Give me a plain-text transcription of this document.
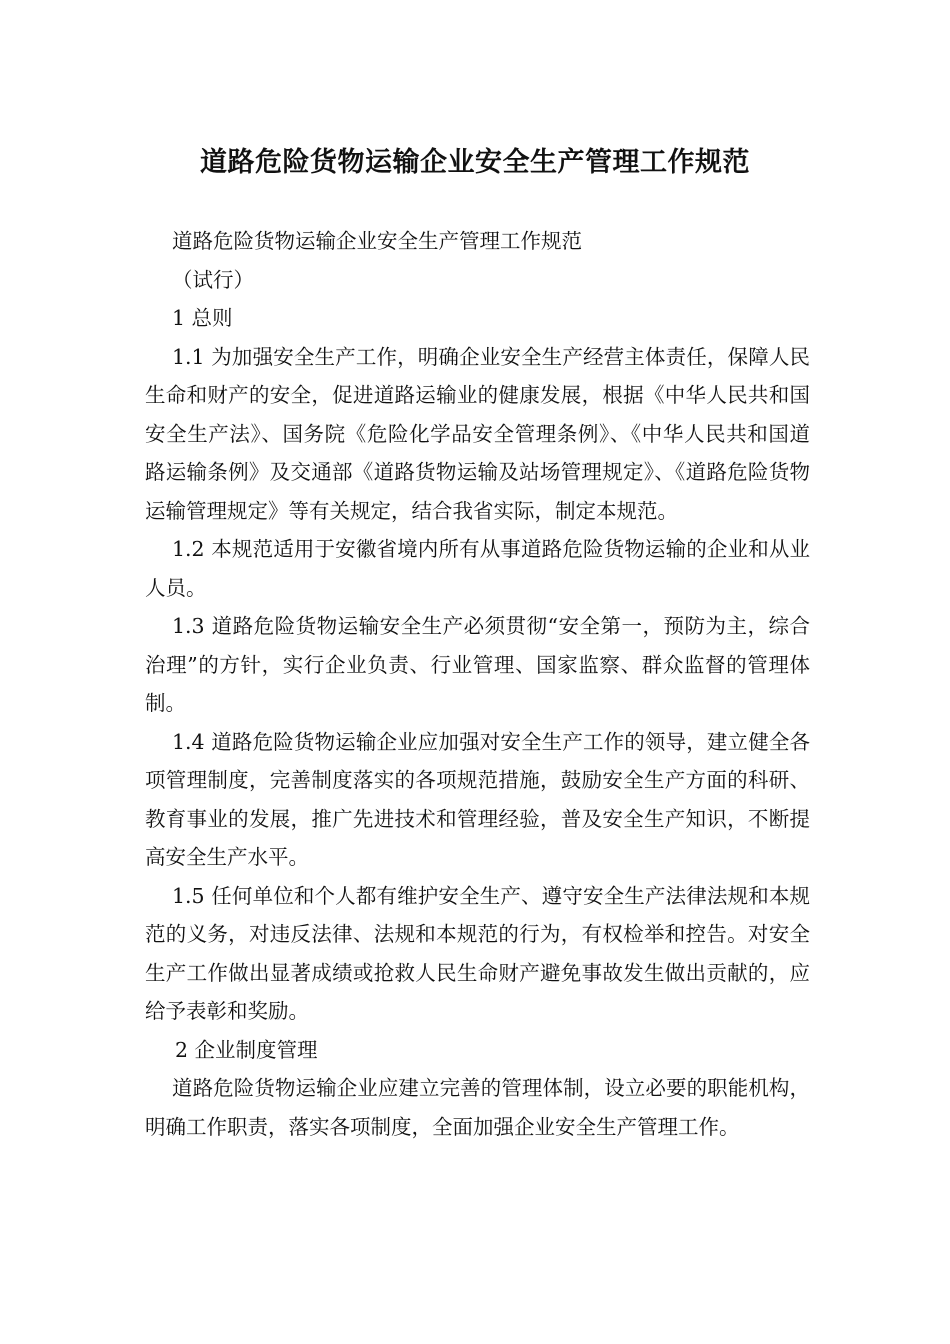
道路危险货物运输企业安全生产管理工作规范

道路危险货物运输企业安全生产管理工作规范

（试行）

1 总则

1.1 为加强安全生产工作，明确企业安全生产经营主体责任，保障人民生命和财产的安全，促进道路运输业的健康发展，根据《中华人民共和国安全生产法》、国务院《危险化学品安全管理条例》、《中华人民共和国道路运输条例》及交通部《道路货物运输及站场管理规定》、《道路危险货物运输管理规定》等有关规定，结合我省实际，制定本规范。

1.2 本规范适用于安徽省境内所有从事道路危险货物运输的企业和从业人员。

1.3 道路危险货物运输安全生产必须贯彻“安全第一，预防为主，综合治理”的方针，实行企业负责、行业管理、国家监察、群众监督的管理体制。

1.4 道路危险货物运输企业应加强对安全生产工作的领导，建立健全各项管理制度，完善制度落实的各项规范措施，鼓励安全生产方面的科研、教育事业的发展，推广先进技术和管理经验，普及安全生产知识，不断提高安全生产水平。

1.5 任何单位和个人都有维护安全生产、遵守安全生产法律法规和本规范的义务，对违反法律、法规和本规范的行为，有权检举和控告。对安全生产工作做出显著成绩或抢救人民生命财产避免事故发生做出贡献的，应给予表彰和奖励。

2 企业制度管理

道路危险货物运输企业应建立完善的管理体制，设立必要的职能机构，明确工作职责，落实各项制度，全面加强企业安全生产管理工作。
